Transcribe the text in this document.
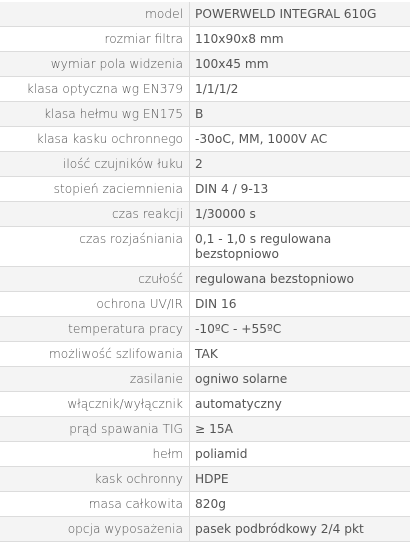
model	POWERWELD INTEGRAL 610G
rozmiar filtra	110x90x8 mm
wymiar pola widzenia	100x45 mm
klasa optyczna wg EN379	1/1/1/2
klasa hełmu wg EN175	B
klasa kasku ochronnego	-30oC, MM, 1000V AC
ilość czujników łuku	2
stopień zaciemnienia	DIN 4 / 9-13
czas reakcji	1/30000 s
czas rozjaśniania	0,1 - 1,0 s regulowana bezstopniowo
czułość	regulowana bezstopniowo
ochrona UV/IR	DIN 16
temperatura pracy	-10ºC - +55ºC
możliwość szlifowania	TAK
zasilanie	ogniwo solarne
włącznik/wyłącznik	automatyczny
prąd spawania TIG	≥ 15A
hełm	poliamid
kask ochronny	HDPE
masa całkowita	820g
opcja wyposażenia	pasek podbródkowy 2/4 pkt
